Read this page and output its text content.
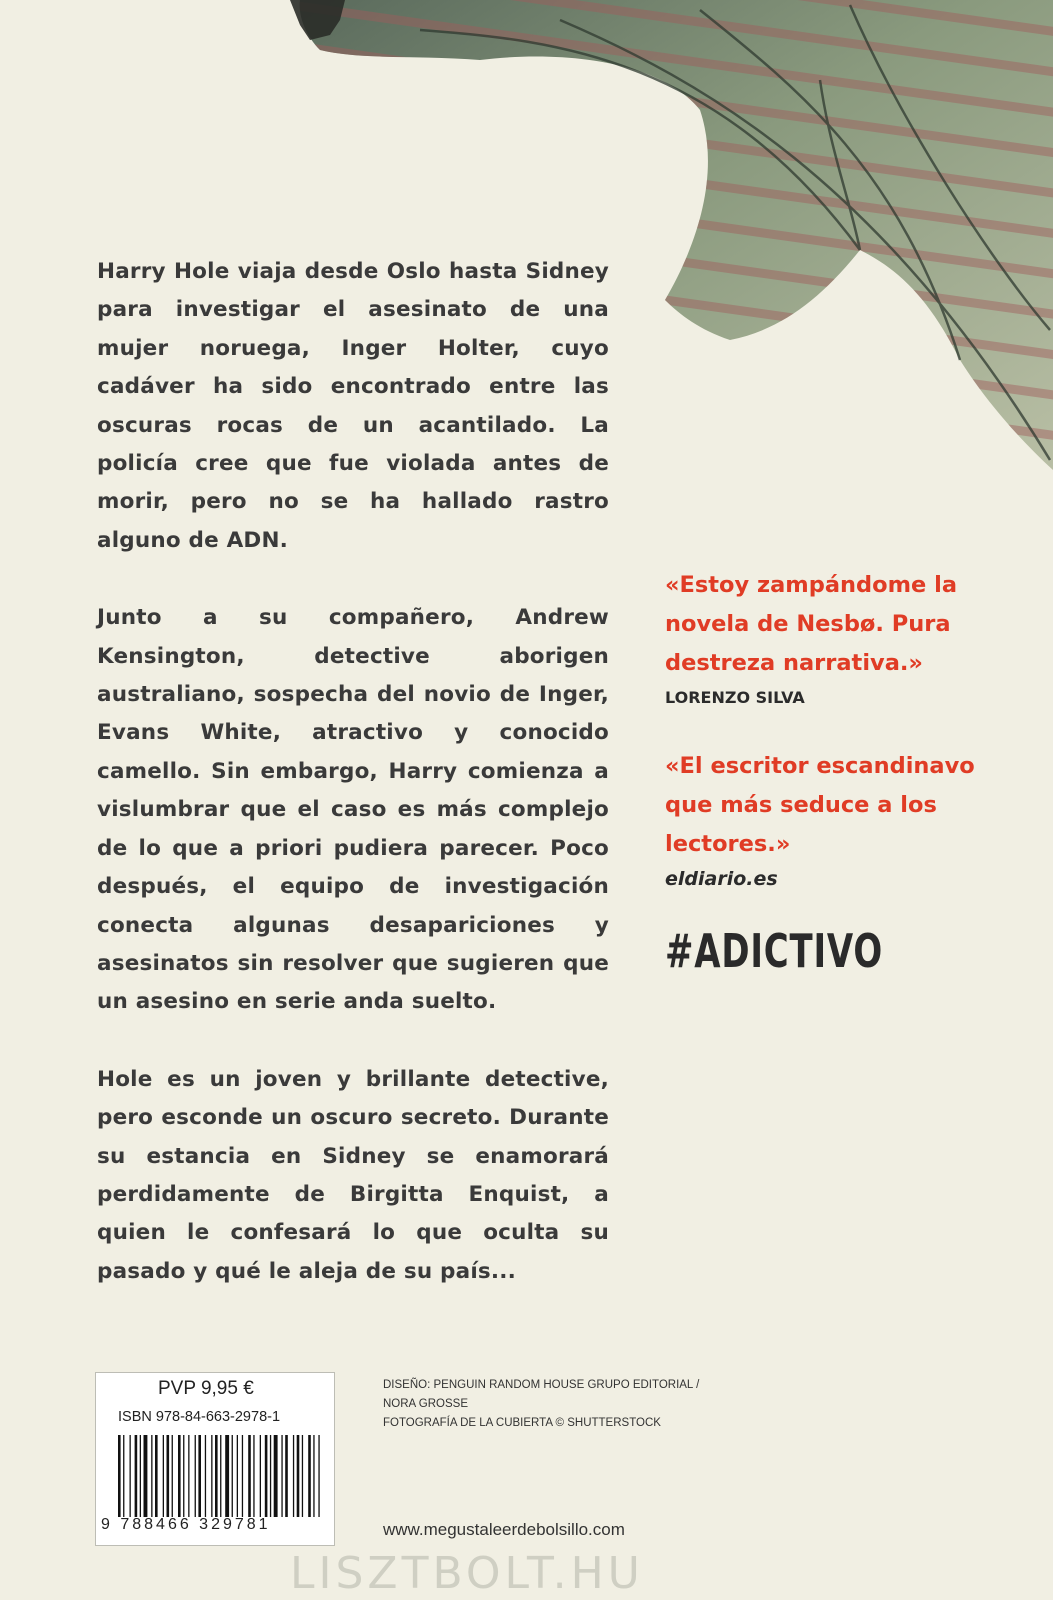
Harry Hole viaja desde Oslo hasta Sidney para investigar el asesinato de una mujer noruega, Inger Holter, cuyo cadáver ha sido encontrado entre las oscuras rocas de un acantilado. La policía cree que fue violada antes de morir, pero no se ha hallado rastro alguno de ADN.

Junto a su compañero, Andrew Kensington, detective aborigen australiano, sospecha del novio de Inger, Evans White, atractivo y conocido camello. Sin embargo, Harry comienza a vislumbrar que el caso es más complejo de lo que a priori pudiera parecer. Poco después, el equipo de investigación conecta algunas desapariciones y asesinatos sin resolver que sugieren que un asesino en serie anda suelto.

Hole es un joven y brillante detective, pero esconde un oscuro secreto. Durante su estancia en Sidney se enamorará perdidamente de Birgitta Enquist, a quien le confesará lo que oculta su pasado y qué le aleja de su país...

«Estoy zampándome la novela de Nesbø. Pura destreza narrativa.»

LORENZO SILVA

«El escritor escandinavo que más seduce a los lectores.»

eldiario.es

#ADICTIVO
PVP 9,95 €
ISBN 978-84-663-2978-1
9 788466 329781
DISEÑO: PENGUIN RANDOM HOUSE GRUPO EDITORIAL /
NORA GROSSE
FOTOGRAFÍA DE LA CUBIERTA © SHUTTERSTOCK
www.megustaleerdebolsillo.com
LISZTBOLT.HU
